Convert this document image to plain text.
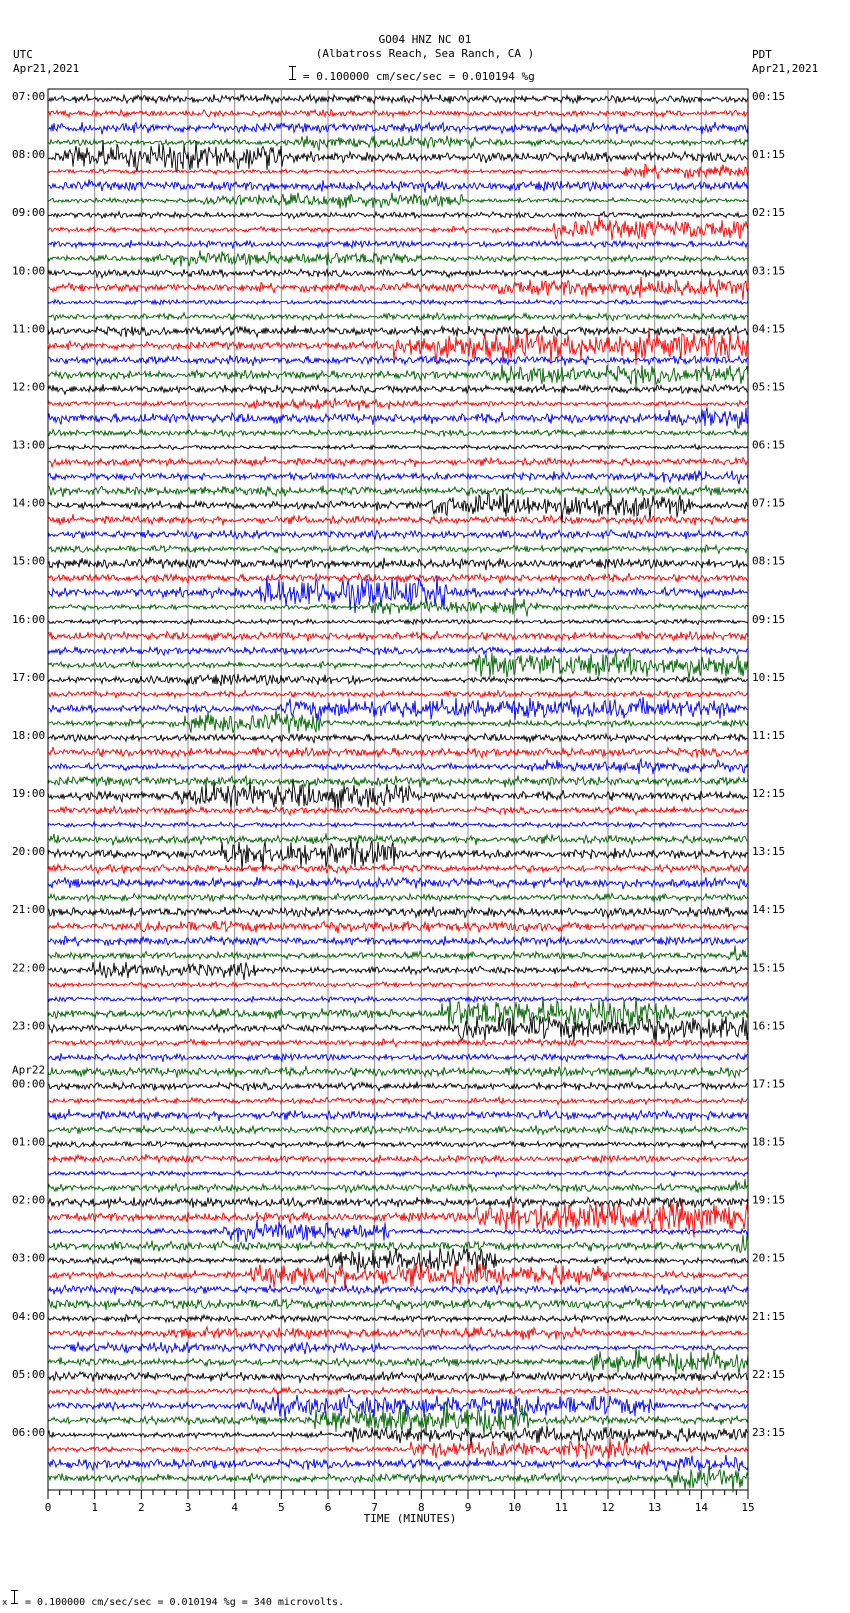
GO04 HNZ NC 01
(Albatross Reach, Sea Ranch, CA )
= 0.100000 cm/sec/sec = 0.010194 %g
UTC
Apr21,2021
PDT
Apr21,2021
07:00	00:15
08:00	01:15
09:00	02:15
10:00	03:15
11:00	04:15
12:00	05:15
13:00	06:15
14:00	07:15
15:00	08:15
16:00	09:15
17:00	10:15
18:00	11:15
19:00	12:15
20:00	13:15
21:00	14:15
22:00	15:15
23:00	16:15
00:00	17:15
Apr22
01:00	18:15
02:00	19:15
03:00	20:15
04:00	21:15
05:00	22:15
06:00	23:15
0	1	2	3	4	5	6	7	8	9	10	11	12	13	14	15
TIME (MINUTES)
x = 0.100000 cm/sec/sec = 0.010194 %g = 340 microvolts.
